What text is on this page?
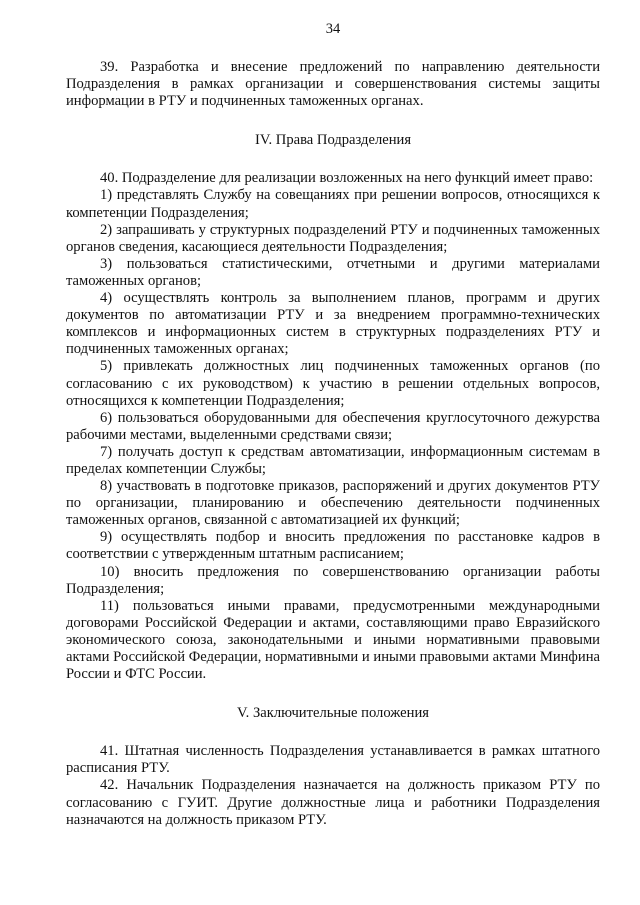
34

39. Разработка и внесение предложений по направлению деятельности Подразделения в рамках организации и совершенствования системы защиты информации в РТУ и подчиненных таможенных органах.

IV. Права Подразделения

40. Подразделение для реализации возложенных на него функций имеет право:

1) представлять Службу на совещаниях при решении вопросов, относящихся к компетенции Подразделения;

2) запрашивать у структурных подразделений РТУ и подчиненных таможенных органов сведения, касающиеся деятельности Подразделения;

3) пользоваться статистическими, отчетными и другими материалами таможенных органов;

4) осуществлять контроль за выполнением планов, программ и других документов по автоматизации РТУ и за внедрением программно-технических комплексов и информационных систем в структурных подразделениях РТУ и подчиненных таможенных органах;

5) привлекать должностных лиц подчиненных таможенных органов (по согласованию с их руководством) к участию в решении отдельных вопросов, относящихся к компетенции Подразделения;

6) пользоваться оборудованными для обеспечения круглосуточного дежурства рабочими местами, выделенными средствами связи;

7) получать доступ к средствам автоматизации, информационным системам в пределах компетенции Службы;

8) участвовать в подготовке приказов, распоряжений и других документов РТУ по организации, планированию и обеспечению деятельности подчиненных таможенных органов, связанной с автоматизацией их функций;

9) осуществлять подбор и вносить предложения по расстановке кадров в соответствии с утвержденным штатным расписанием;

10) вносить предложения по совершенствованию организации работы Подразделения;

11) пользоваться иными правами, предусмотренными международными договорами Российской Федерации и актами, составляющими право Евразийского экономического союза, законодательными и иными нормативными правовыми актами Российской Федерации, нормативными и иными правовыми актами Минфина России и ФТС России.

V. Заключительные положения

41. Штатная численность Подразделения устанавливается в рамках штатного расписания РТУ.

42. Начальник Подразделения назначается на должность приказом РТУ по согласованию с ГУИТ. Другие должностные лица и работники Подразделения назначаются на должность приказом РТУ.
